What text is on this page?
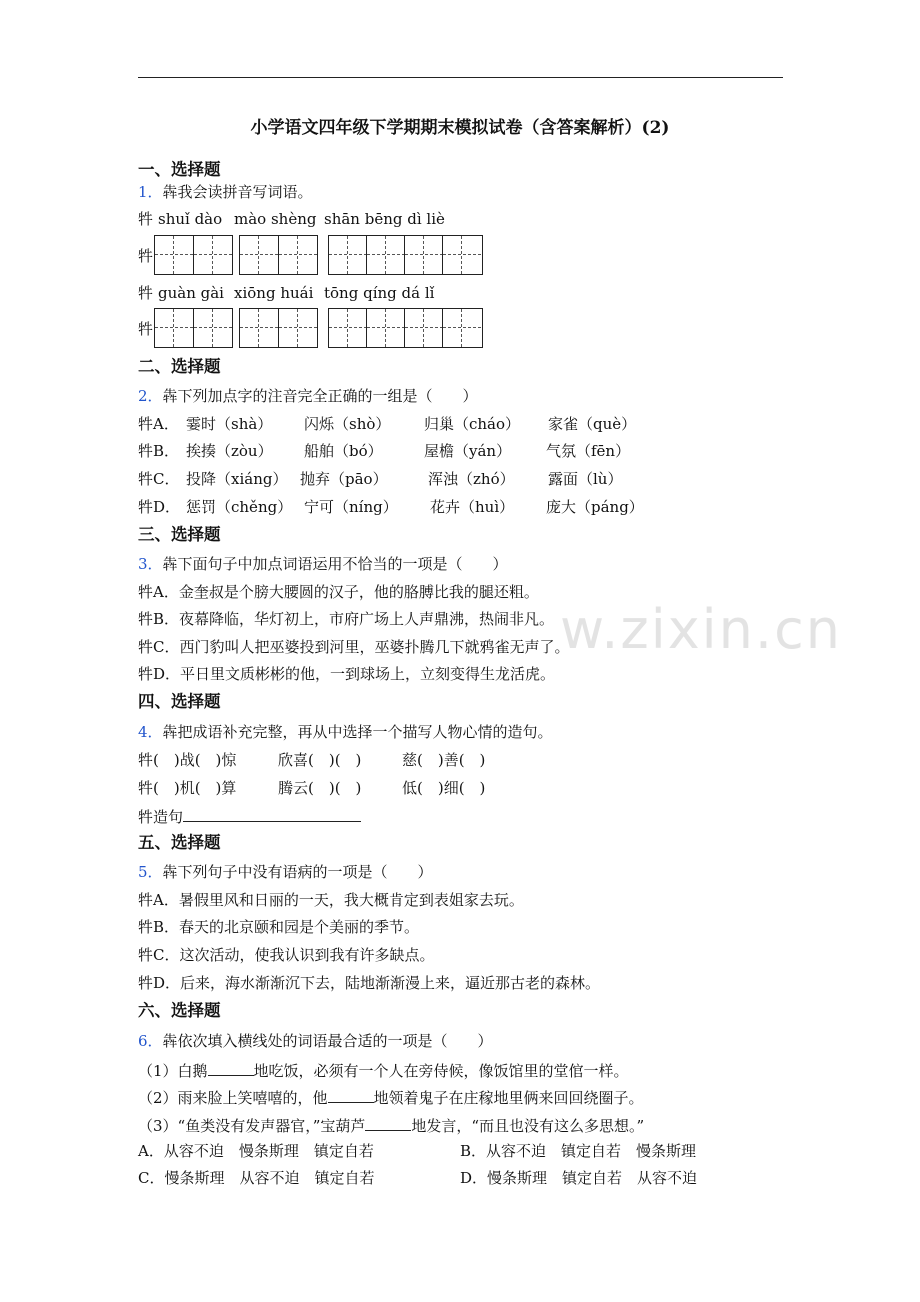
小学语文四年级下学期期末模拟试卷（含答案解析）(2)
w.zixin.cn
一、选择题
1．犇我会读拼音写词语。
牪 shuǐ dào mào shèng shān bēng dì liè
牪
牪 guàn gài xiōng huái tōng qíng dá lǐ
牪
二、选择题
2．犇下列加点字的注音完全正确的一组是（　　）
牪A． 霎时（shà） 闪烁（shò） 归巢（cháo） 家雀（què）
牪B． 挨揍（zòu） 船舶（bó）	屋檐（yán） 气氛（fēn）
牪C． 投降（xiáng） 抛弃（pāo）	浑浊（zhó） 露面（lù）
牪D． 惩罚（chěng） 宁可（níng） 花卉（huì） 庞大（páng）
三、选择题
3．犇下面句子中加点词语运用不恰当的一项是（　　）
牪A．金奎叔是个膀大腰圆的汉子，他的胳膊比我的腿还粗。
牪B．夜幕降临，华灯初上，市府广场上人声鼎沸，热闹非凡。
牪C．西门豹叫人把巫婆投到河里，巫婆扑腾几下就鸦雀无声了。
牪D．平日里文质彬彬的他，一到球场上，立刻变得生龙活虎。
四、选择题
4．犇把成语补充完整，再从中选择一个描写人物心情的造句。
牪(　)战(　)惊	欣喜(　)(　)	慈(　)善(　)
牪(　)机(　)算	腾云(　)(　)	低(　)细(　)
牪造句
五、选择题
5．犇下列句子中没有语病的一项是（　　）
牪A．暑假里风和日丽的一天，我大概肯定到表姐家去玩。
牪B．春天的北京颐和园是个美丽的季节。
牪C．这次活动，使我认识到我有许多缺点。
牪D．后来，海水渐渐沉下去，陆地渐渐漫上来，逼近那古老的森林。
六、选择题
6．犇依次填入横线处的词语最合适的一项是（　　）
（1）白鹅	地吃饭，必须有一个人在旁侍候，像饭馆里的堂倌一样。
（2）雨来脸上笑嘻嘻的，他	地领着鬼子在庄稼地里俩来回回绕圈子。
（3）“鱼类没有发声器官，”宝葫芦	地发言，“而且也没有这么多思想。”
A．从容不迫　慢条斯理　镇定自若	B．从容不迫　镇定自若　慢条斯理
C．慢条斯理　从容不迫　镇定自若	D．慢条斯理　镇定自若　从容不迫
